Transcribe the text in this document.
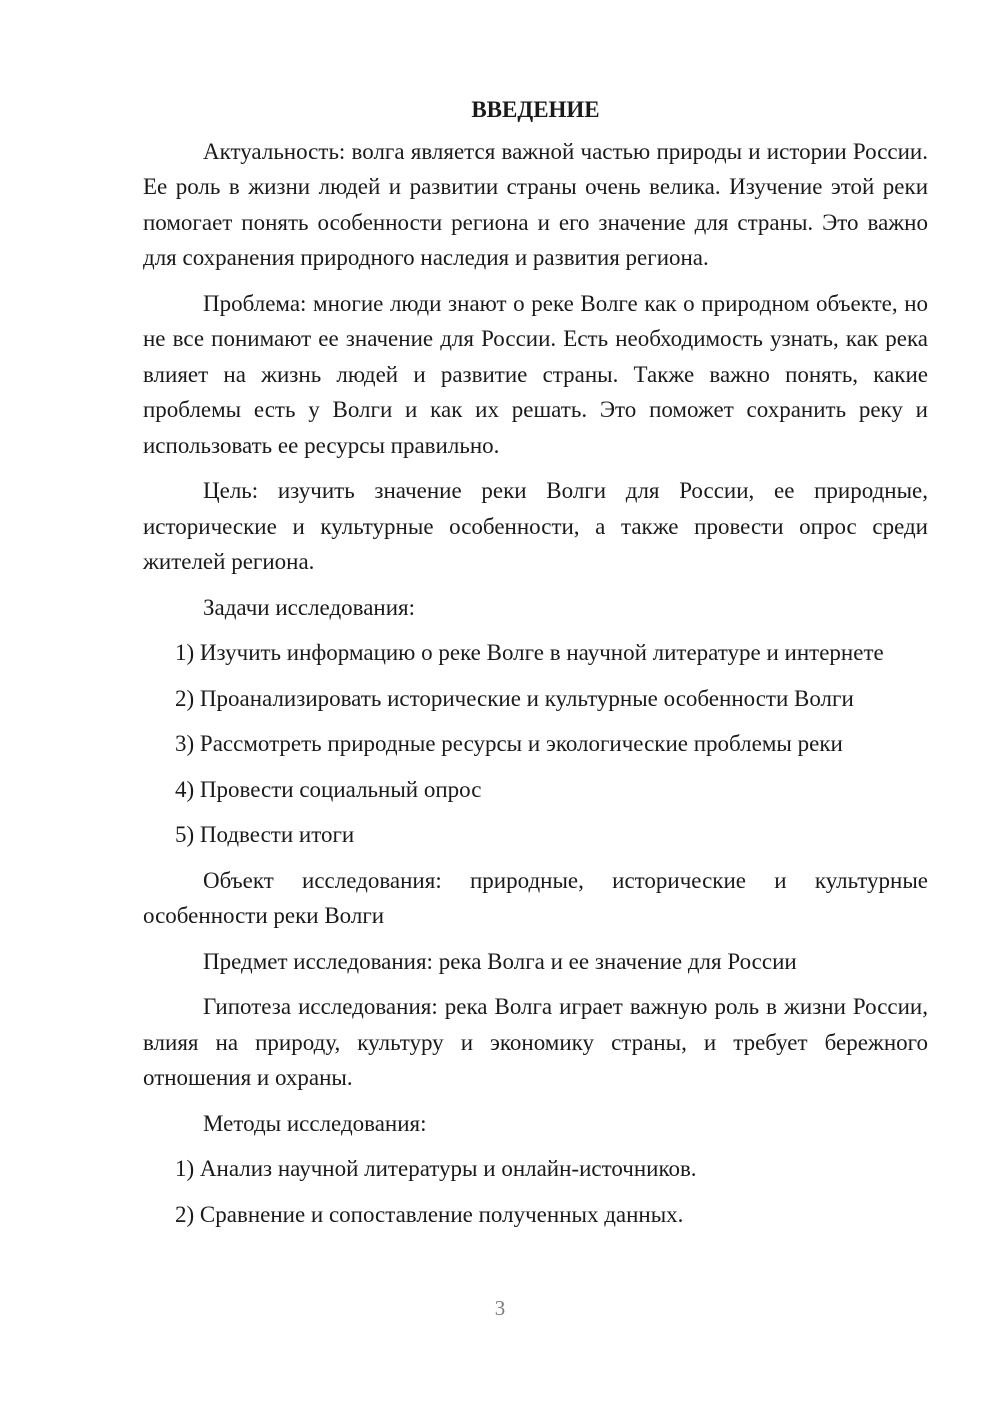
ВВЕДЕНИЕ

Актуальность: волга является важной частью природы и истории России. Ее роль в жизни людей и развитии страны очень велика. Изучение этой реки помогает понять особенности региона и его значение для страны. Это важно для сохранения природного наследия и развития региона.

Проблема: многие люди знают о реке Волге как о природном объекте, но не все понимают ее значение для России. Есть необходимость узнать, как река влияет на жизнь людей и развитие страны. Также важно понять, какие проблемы есть у Волги и как их решать. Это поможет сохранить реку и использовать ее ресурсы правильно.

Цель: изучить значение реки Волги для России, ее природные, исторические и культурные особенности, а также провести опрос среди жителей региона.

Задачи исследования:

1) Изучить информацию о реке Волге в научной литературе и интернете

2) Проанализировать исторические и культурные особенности Волги

3) Рассмотреть природные ресурсы и экологические проблемы реки

4) Провести социальный опрос

5) Подвести итоги

Объект исследования: природные, исторические и культурные особенности реки Волги

Предмет исследования: река Волга и ее значение для России

Гипотеза исследования: река Волга играет важную роль в жизни России, влияя на природу, культуру и экономику страны, и требует бережного отношения и охраны.

Методы исследования:

1) Анализ научной литературы и онлайн-источников.

2) Сравнение и сопоставление полученных данных.

3
